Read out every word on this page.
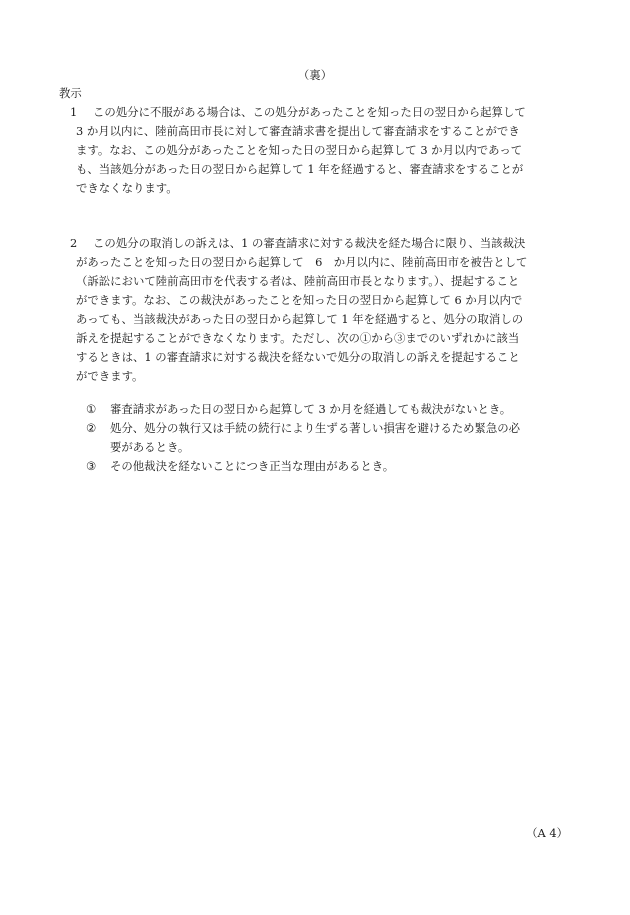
（裏）
教示
1	この処分に不服がある場合は、この処分があったことを知った日の翌日から起算して
3 か月以内に、陸前高田市長に対して審査請求書を提出して審査請求をすることができ
ます。なお、この処分があったことを知った日の翌日から起算して 3 か月以内であって
も、当該処分があった日の翌日から起算して 1 年を経過すると、審査請求をすることが
できなくなります。
2	この処分の取消しの訴えは、1 の審査請求に対する裁決を経た場合に限り、当該裁決
があったことを知った日の翌日から起算して　6　か月以内に、陸前高田市を被告として
（訴訟において陸前高田市を代表する者は、陸前高田市長となります。）、提起すること
ができます。なお、この裁決があったことを知った日の翌日から起算して 6 か月以内で
あっても、当該裁決があった日の翌日から起算して 1 年を経過すると、処分の取消しの
訴えを提起することができなくなります。ただし、次の①から③までのいずれかに該当
するときは、1 の審査請求に対する裁決を経ないで処分の取消しの訴えを提起すること
ができます。
① 審査請求があった日の翌日から起算して 3 か月を経過しても裁決がないとき。
② 処分、処分の執行又は手続の続行により生ずる著しい損害を避けるため緊急の必
要があるとき。
③ その他裁決を経ないことにつき正当な理由があるとき。
（A 4）
